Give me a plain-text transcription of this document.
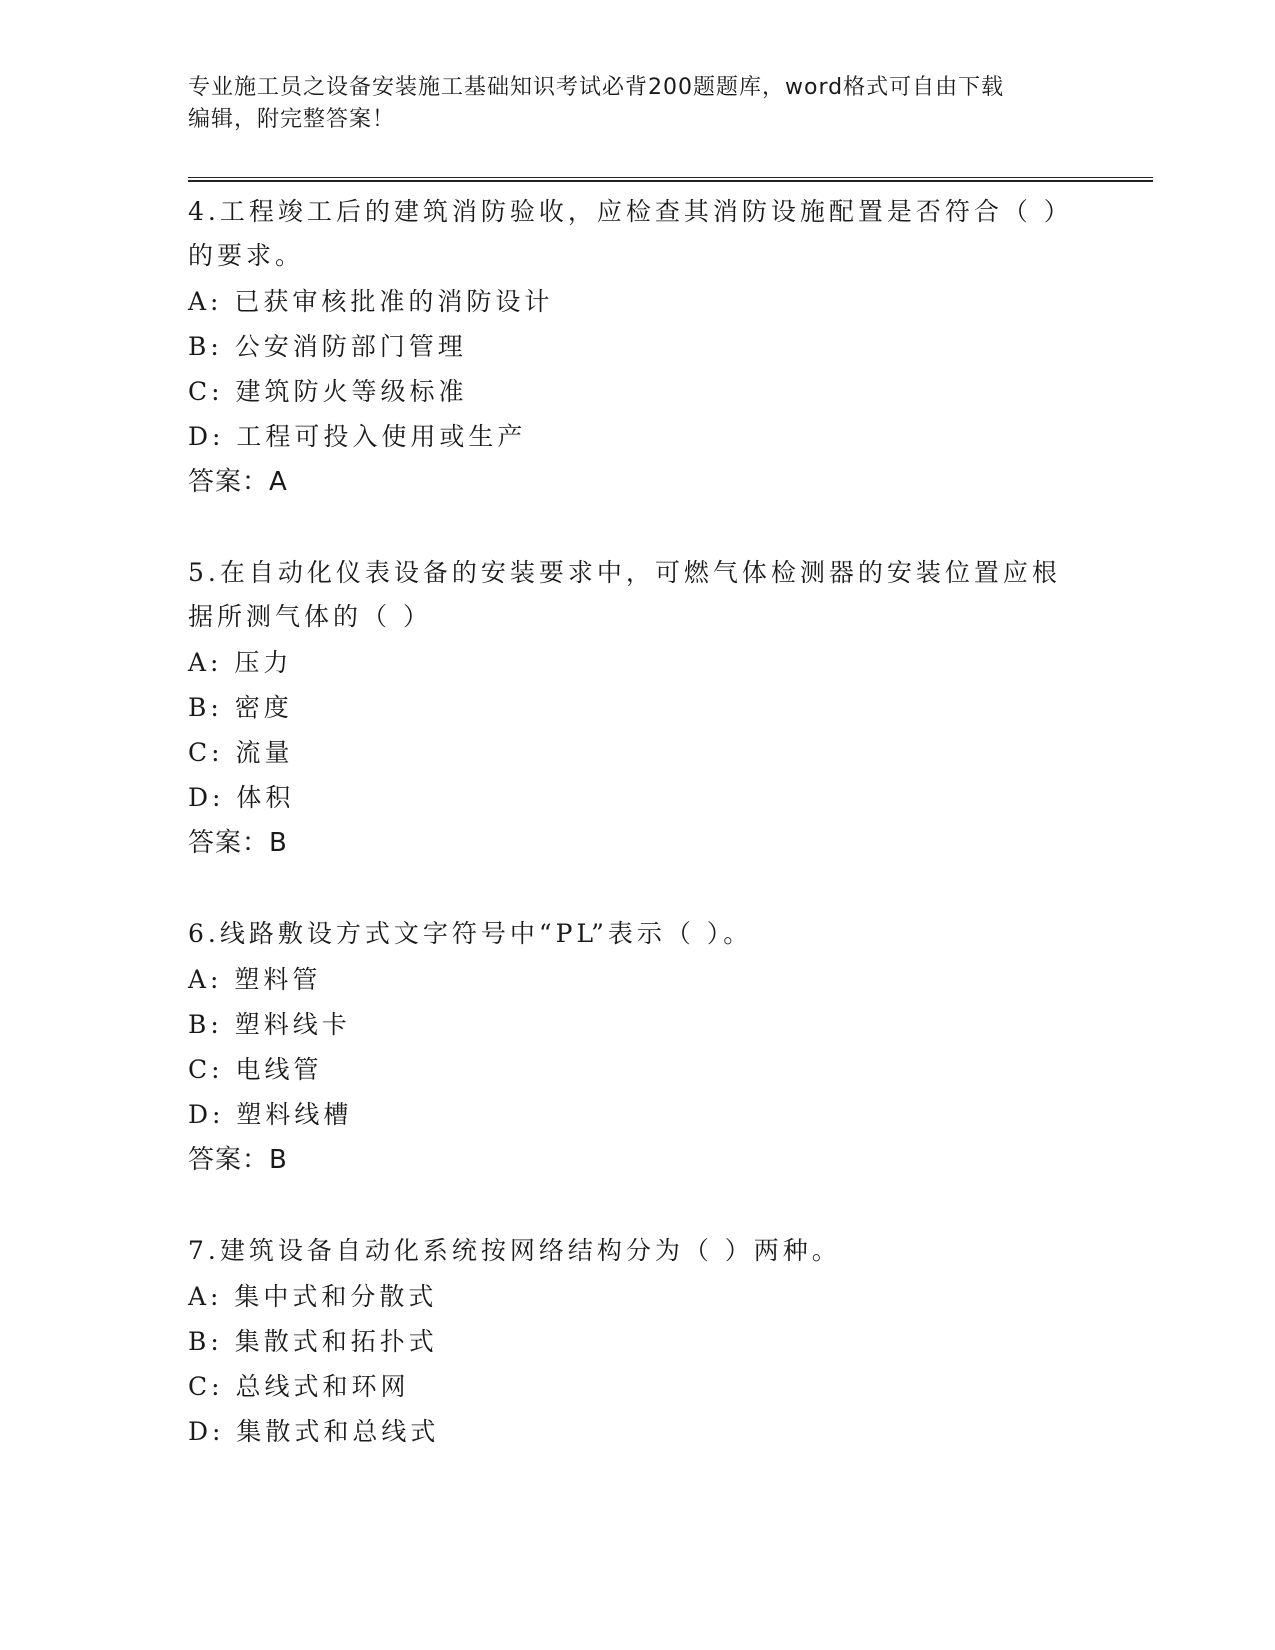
专业施工员之设备安装施工基础知识考试必背200题题库，word格式可自由下载
编辑，附完整答案！
4.工程竣工后的建筑消防验收，应检查其消防设施配置是否符合（ ）
的要求。
A: 已获审核批准的消防设计
B: 公安消防部门管理
C: 建筑防火等级标准
D: 工程可投入使用或生产
答案：A
5.在自动化仪表设备的安装要求中，可燃气体检测器的安装位置应根
据所测气体的（ ）
A: 压力
B: 密度
C: 流量
D: 体积
答案：B
6.线路敷设方式文字符号中“PL”表示（ ）。
A: 塑料管
B: 塑料线卡
C: 电线管
D: 塑料线槽
答案：B
7.建筑设备自动化系统按网络结构分为（ ）两种。
A: 集中式和分散式
B: 集散式和拓扑式
C: 总线式和环网
D: 集散式和总线式
